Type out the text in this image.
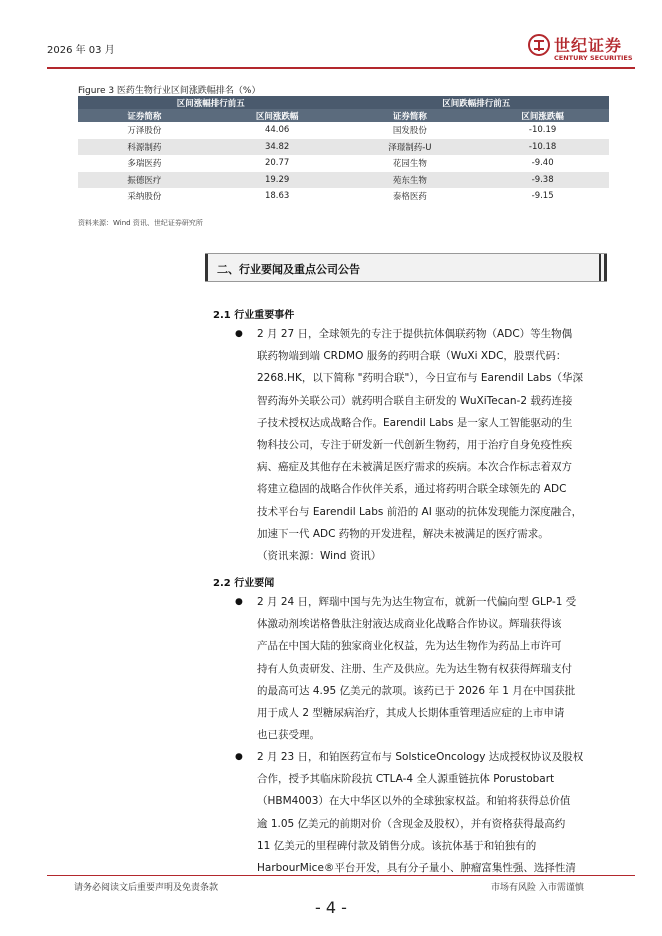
2026 年 03 月	世纪证券
CENTURY SECURITIES
Figure 3 医药生物行业区间涨跌幅排名（%）
区间涨幅排行前五		区间跌幅排行前五	
证券简称	区间涨跌幅	证券简称	区间涨跌幅
万泽股份	44.06	国发股份	-10.19
科源制药	34.82	泽璟制药-U	-10.18
多瑞医药	20.77	花园生物	-9.40
振德医疗	19.29	苑东生物	-9.38
采纳股份	18.63	泰格医药	-9.15
资料来源：Wind 资讯、世纪证券研究所
二、行业要闻及重点公司公告
2.1 行业重要事件
● 2 月 27 日，全球领先的专注于提供抗体偶联药物（ADC）等生物偶
联药物端到端 CRDMO 服务的药明合联（WuXi XDC，股票代码：
2268.HK，以下简称 "药明合联"），今日宣布与 Earendil Labs（华深
智药海外关联公司）就药明合联自主研发的 WuXiTecan-2 载药连接
子技术授权达成战略合作。Earendil Labs 是一家人工智能驱动的生
物科技公司，专注于研发新一代创新生物药，用于治疗自身免疫性疾
病、癌症及其他存在未被满足医疗需求的疾病。本次合作标志着双方
将建立稳固的战略合作伙伴关系，通过将药明合联全球领先的 ADC
技术平台与 Earendil Labs 前沿的 AI 驱动的抗体发现能力深度融合，
加速下一代 ADC 药物的开发进程，解决未被满足的医疗需求。
（资讯来源：Wind 资讯）
2.2 行业要闻
● 2 月 24 日，辉瑞中国与先为达生物宣布，就新一代偏向型 GLP-1 受
体激动剂埃诺格鲁肽注射液达成商业化战略合作协议。辉瑞获得该
产品在中国大陆的独家商业化权益，先为达生物作为药品上市许可
持有人负责研发、注册、生产及供应。先为达生物有权获得辉瑞支付
的最高可达 4.95 亿美元的款项。该药已于 2026 年 1 月在中国获批
用于成人 2 型糖尿病治疗，其成人长期体重管理适应症的上市申请
也已获受理。
● 2 月 23 日，和铂医药宣布与 SolsticeOncology 达成授权协议及股权
合作，授予其临床阶段抗 CTLA-4 全人源重链抗体 Porustobart
（HBM4003）在大中华区以外的全球独家权益。和铂将获得总价值
逾 1.05 亿美元的前期对价（含现金及股权），并有资格获得最高约
11 亿美元的里程碑付款及销售分成。该抗体基于和铂独有的
HarbourMice®平台开发，具有分子量小、肿瘤富集性强、选择性清
请务必阅读文后重要声明及免责条款	市场有风险 入市需谨慎
- 4 -
